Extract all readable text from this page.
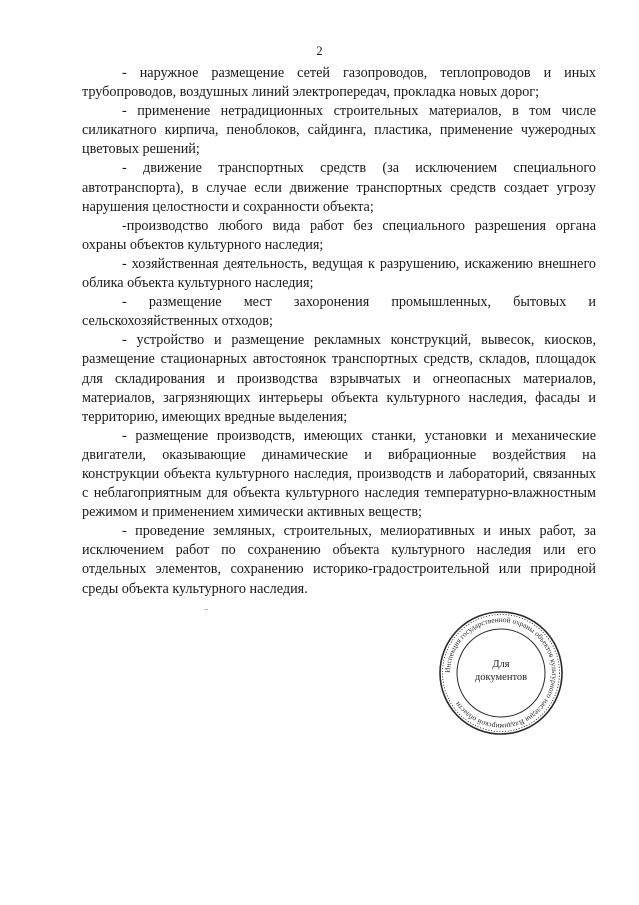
2

- наружное размещение сетей газопроводов, теплопроводов и иных трубопроводов, воздушных линий электропередач, прокладка новых дорог;

- применение нетрадиционных строительных материалов, в том числе силикатного кирпича, пеноблоков, сайдинга, пластика, применение чужеродных цветовых решений;

- движение транспортных средств (за исключением специального автотранспорта), в случае если движение транспортных средств создает угрозу нарушения целостности и сохранности объекта;

-производство любого вида работ без специального разрешения органа охраны объектов культурного наследия;

- хозяйственная деятельность, ведущая к разрушению, искажению внешнего облика объекта культурного наследия;

- размещение мест захоронения промышленных, бытовых и сельскохозяйственных отходов;

- устройство и размещение рекламных конструкций, вывесок, киосков, размещение стационарных автостоянок транспортных средств, складов, площадок для складирования и производства взрывчатых и огнеопасных материалов, материалов, загрязняющих интерьеры объекта культурного наследия, фасады и территорию, имеющих вредные выделения;

- размещение производств, имеющих станки, установки и механические двигатели, оказывающие динамические и вибрационные воздействия на конструкции объекта культурного наследия, производств и лабораторий, связанных с неблагоприятным для объекта культурного наследия температурно-влажностным режимом и применением химически активных веществ;

- проведение земляных, строительных, мелиоративных и иных работ, за исключением работ по сохранению объекта культурного наследия или его отдельных элементов, сохранению историко-градостроительной или природной среды объекта культурного наследия.

Инспекция государственной охраны объектов культурного наследия Владимирской области
Для
документов
